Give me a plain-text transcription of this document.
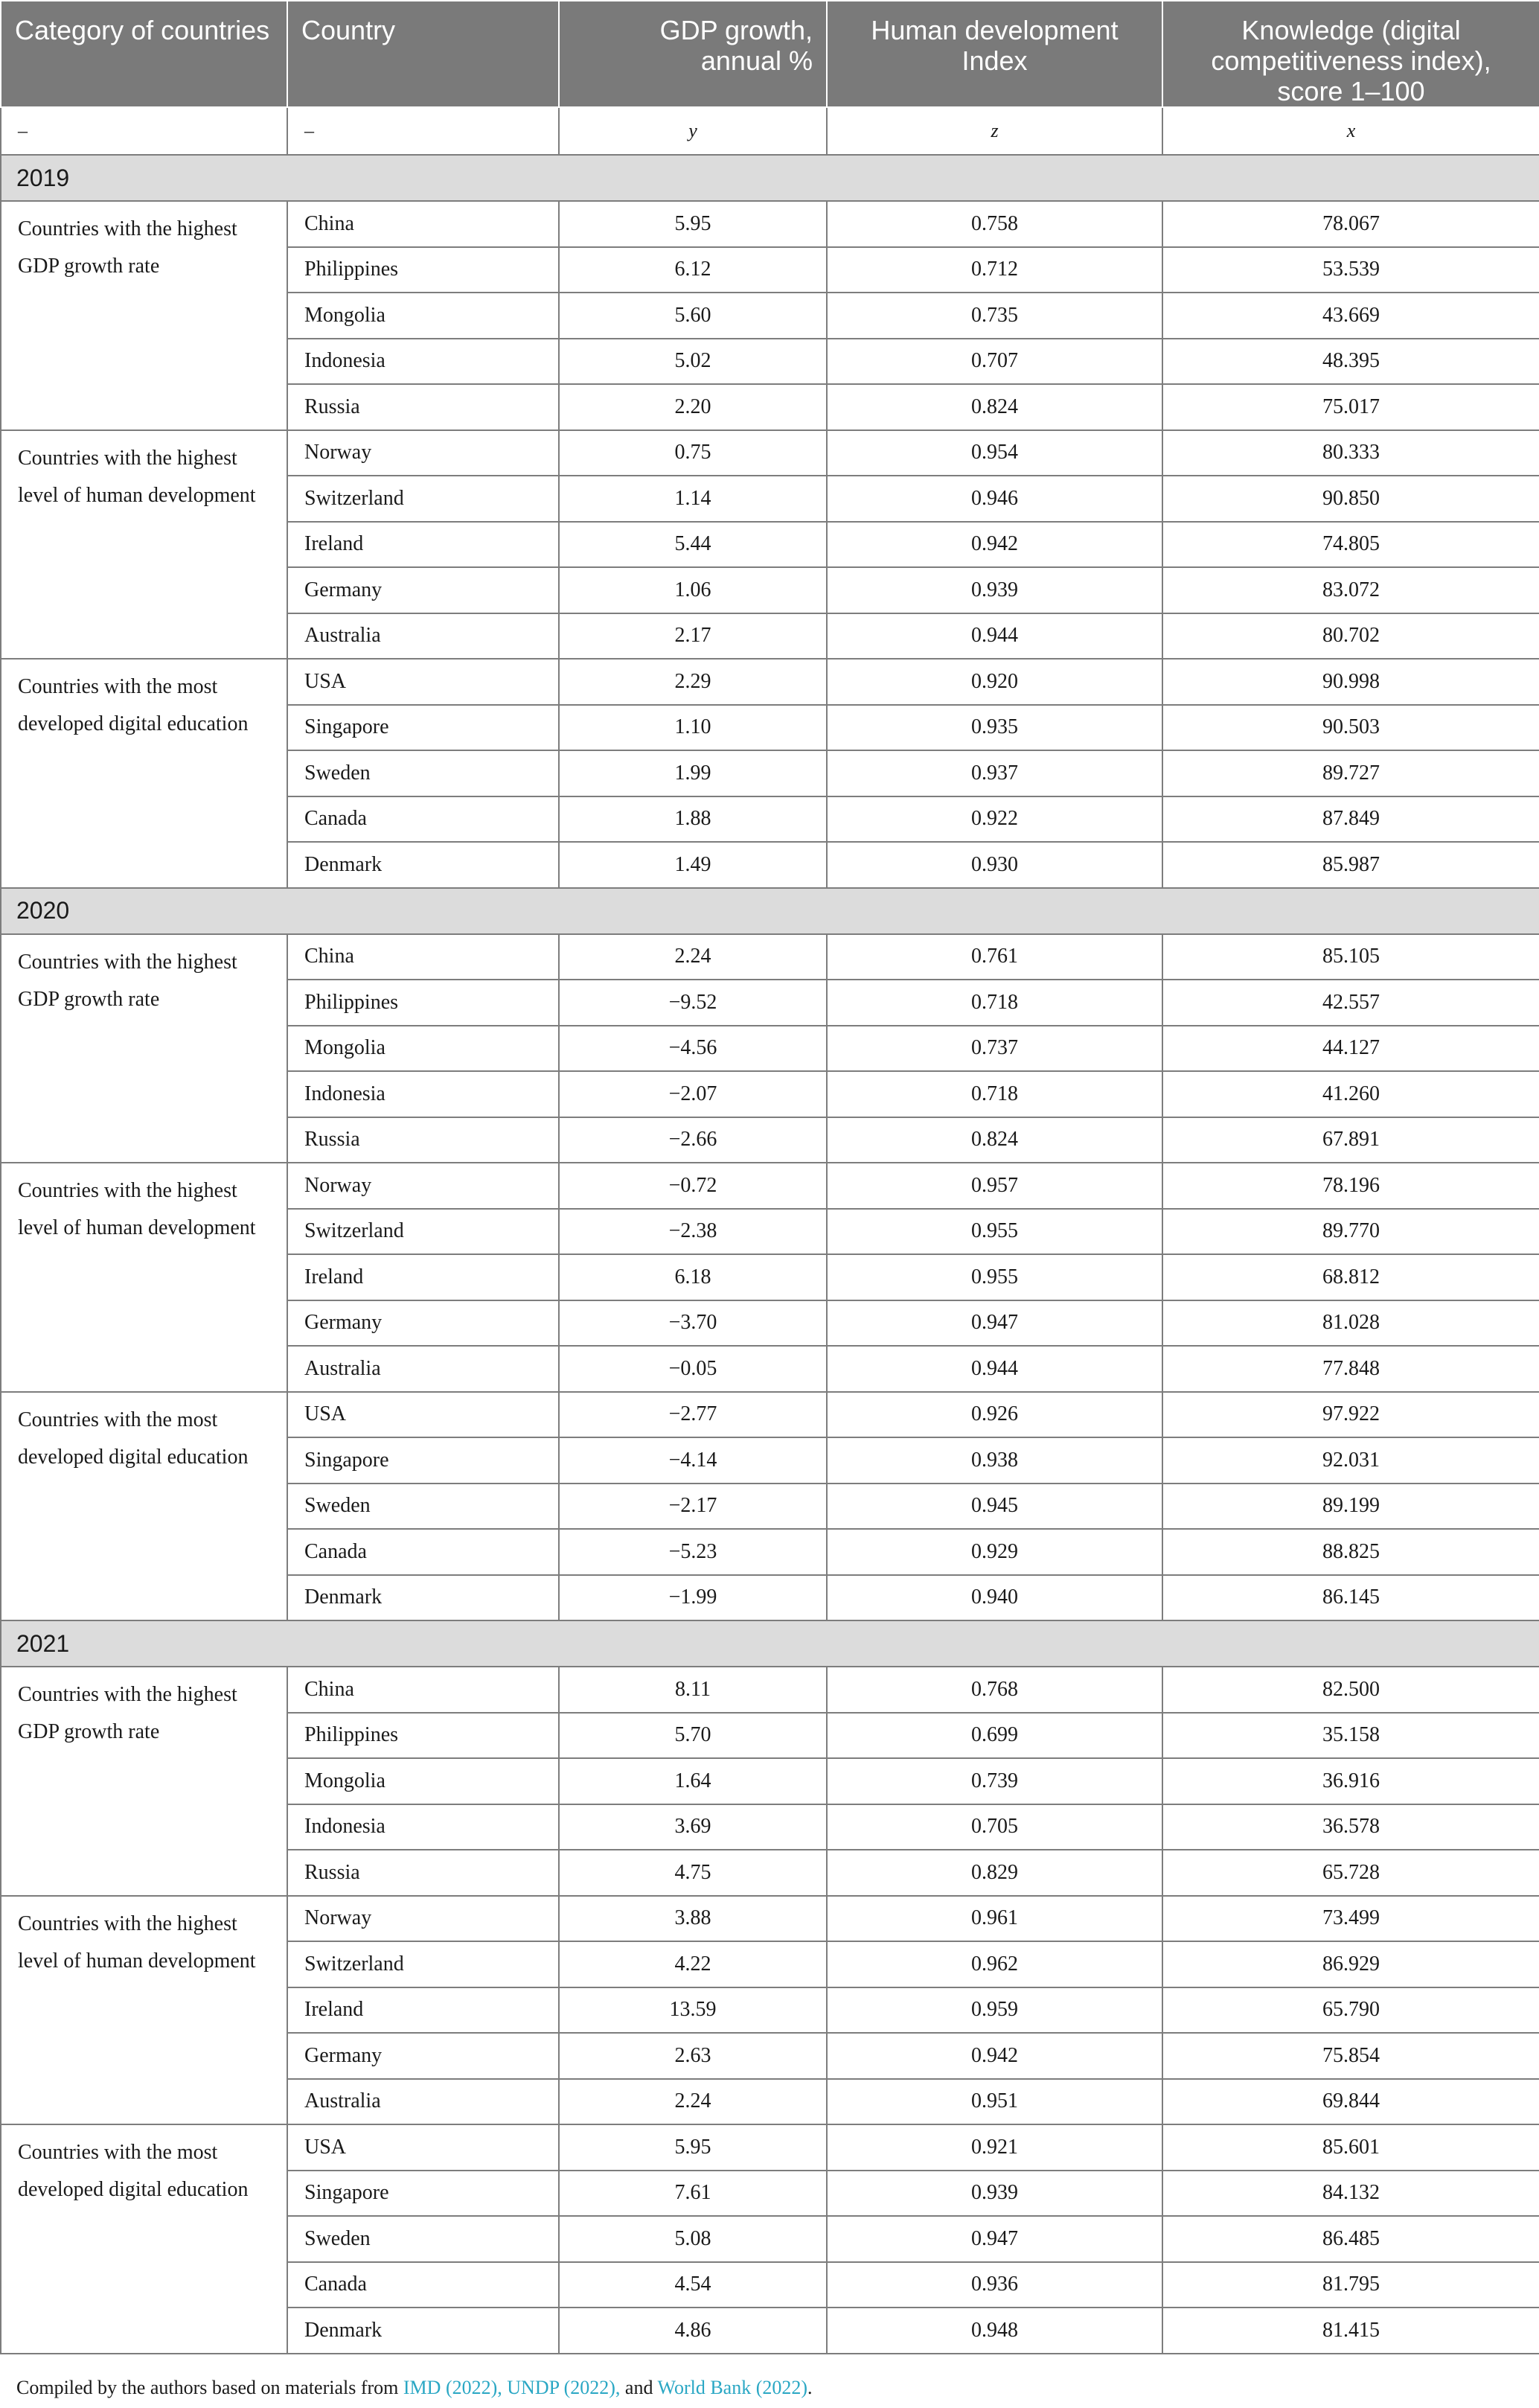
Category of countries	Country	GDP growth, annual %	Human development Index	Knowledge (digital competitiveness index), score 1–100
–	–	y	z	x
2019				
Countries with the highest GDP growth rate	China	5.95	0.758	78.067
	Philippines	6.12	0.712	53.539
	Mongolia	5.60	0.735	43.669
	Indonesia	5.02	0.707	48.395
	Russia	2.20	0.824	75.017
Countries with the highest level of human development	Norway	0.75	0.954	80.333
	Switzerland	1.14	0.946	90.850
	Ireland	5.44	0.942	74.805
	Germany	1.06	0.939	83.072
	Australia	2.17	0.944	80.702
Countries with the most developed digital education	USA	2.29	0.920	90.998
	Singapore	1.10	0.935	90.503
	Sweden	1.99	0.937	89.727
	Canada	1.88	0.922	87.849
	Denmark	1.49	0.930	85.987
2020				
Countries with the highest GDP growth rate	China	2.24	0.761	85.105
	Philippines	−9.52	0.718	42.557
	Mongolia	−4.56	0.737	44.127
	Indonesia	−2.07	0.718	41.260
	Russia	−2.66	0.824	67.891
Countries with the highest level of human development	Norway	−0.72	0.957	78.196
	Switzerland	−2.38	0.955	89.770
	Ireland	6.18	0.955	68.812
	Germany	−3.70	0.947	81.028
	Australia	−0.05	0.944	77.848
Countries with the most developed digital education	USA	−2.77	0.926	97.922
	Singapore	−4.14	0.938	92.031
	Sweden	−2.17	0.945	89.199
	Canada	−5.23	0.929	88.825
	Denmark	−1.99	0.940	86.145
2021				
Countries with the highest GDP growth rate	China	8.11	0.768	82.500
	Philippines	5.70	0.699	35.158
	Mongolia	1.64	0.739	36.916
	Indonesia	3.69	0.705	36.578
	Russia	4.75	0.829	65.728
Countries with the highest level of human development	Norway	3.88	0.961	73.499
	Switzerland	4.22	0.962	86.929
	Ireland	13.59	0.959	65.790
	Germany	2.63	0.942	75.854
	Australia	2.24	0.951	69.844
Countries with the most developed digital education	USA	5.95	0.921	85.601
	Singapore	7.61	0.939	84.132
	Sweden	5.08	0.947	86.485
	Canada	4.54	0.936	81.795
	Denmark	4.86	0.948	81.415
Compiled by the authors based on materials from IMD (2022), UNDP (2022), and World Bank (2022).
